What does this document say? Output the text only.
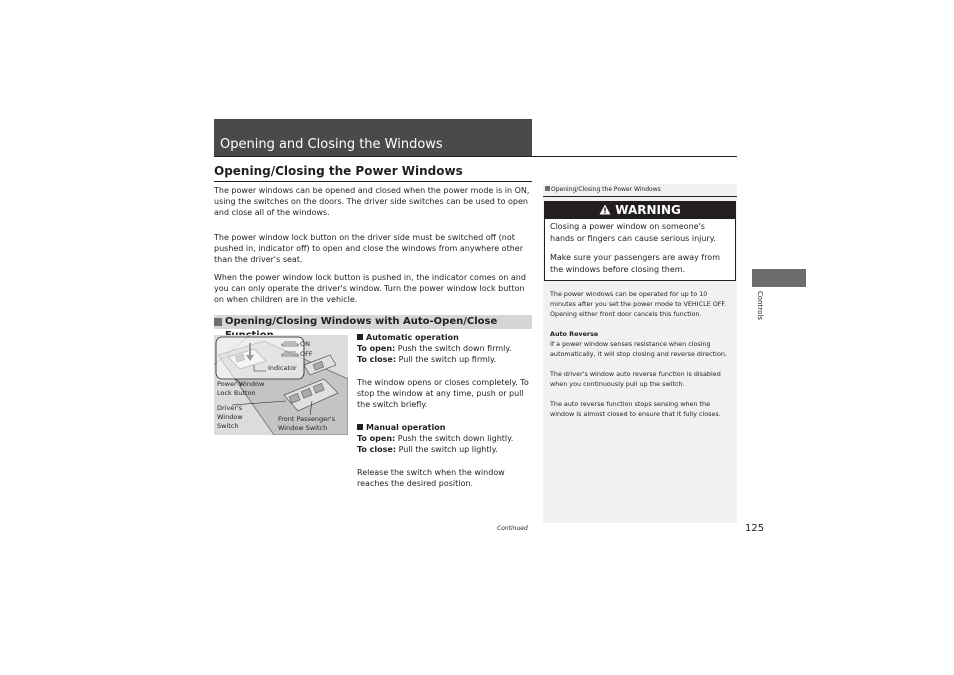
Opening and Closing the Windows
Opening/Closing the Power Windows
The power windows can be opened and closed when the power mode is in ON, using the switches on the doors. The driver side switches can be used to open and close all of the windows.
The power window lock button on the driver side must be switched off (not pushed in, indicator off) to open and close the windows from anywhere other than the driver's seat.
When the power window lock button is pushed in, the indicator comes on and you can only operate the driver's window. Turn the power window lock button on when children are in the vehicle.
Opening/Closing Windows with Auto-Open/Close
ON
OFF
Indicator
Power Window
Lock Button
Driver's
Window
Switch
Front Passenger's
Window Switch

Automatic operation

To open: Push the switch down firmly.

To close: Pull the switch up firmly.

The window opens or closes completely. To stop the window at any time, push or pull the switch briefly.

Manual operation

To open: Push the switch down lightly.

To close: Pull the switch up lightly.

Release the switch when the window reaches the desired position.

Opening/Closing the Power Windows
WARNING

Closing a power window on someone's hands or fingers can cause serious injury.

Make sure your passengers are away from the windows before closing them.

The power windows can be operated for up to 10 minutes after you set the power mode to VEHICLE OFF.
Opening either front door cancels this function.

Auto Reverse
If a power window senses resistance when closing automatically, it will stop closing and reverse direction.

The driver's window auto reverse function is disabled when you continuously pull up the switch.

The auto reverse function stops sensing when the window is almost closed to ensure that it fully closes.

Controls
Continued	125
